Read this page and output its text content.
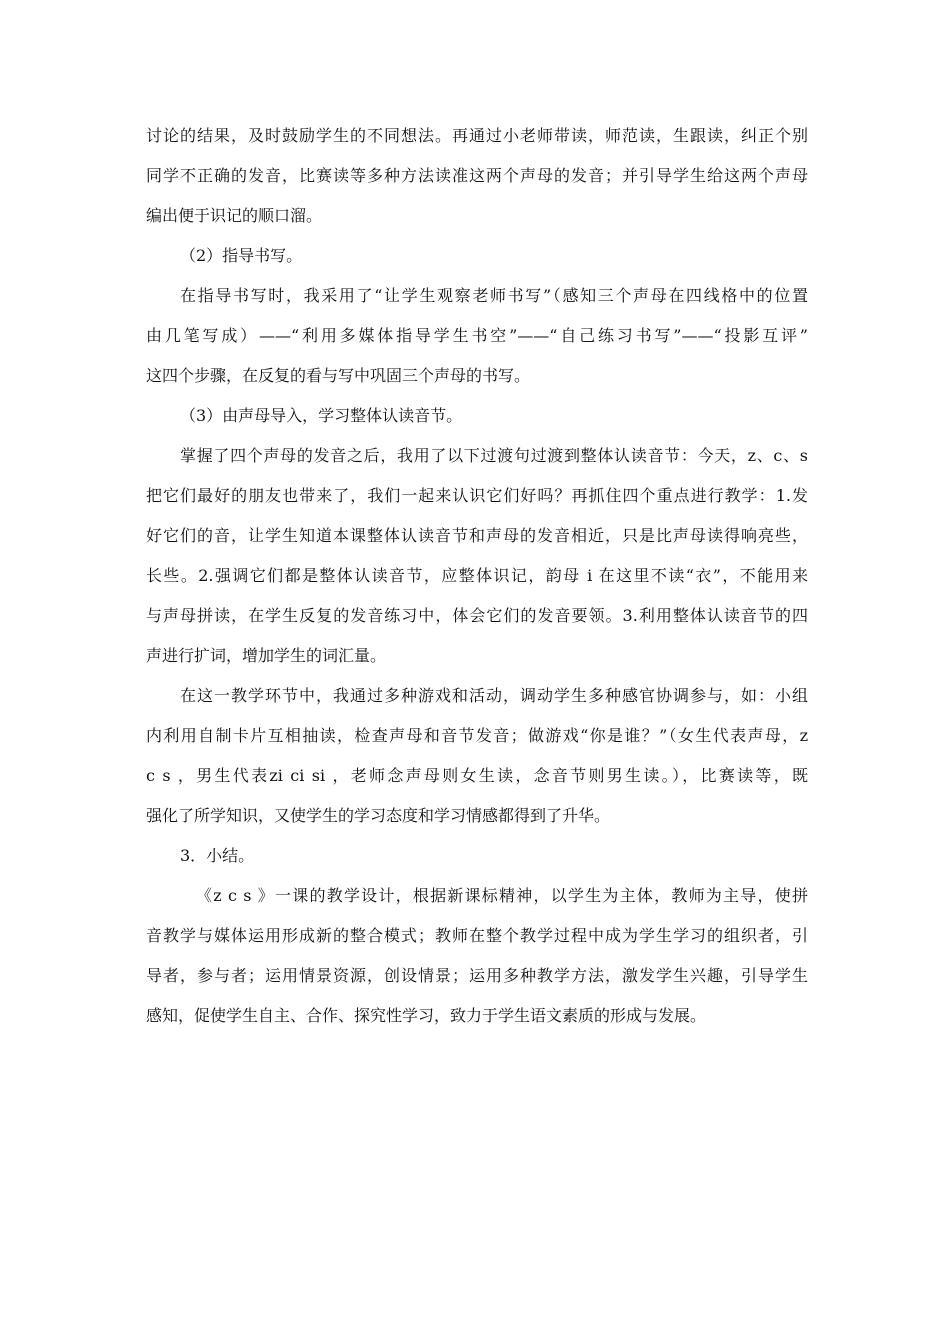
讨论的结果，及时鼓励学生的不同想法。再通过小老师带读，师范读，生跟读，纠正个别
同学不正确的发音，比赛读等多种方法读准这两个声母的发音；并引导学生给这两个声母
编出便于识记的顺口溜。
（2）指导书写。
在指导书写时，我采用了“让学生观察老师书写”（感知三个声母在四线格中的位置
由几笔写成）——“利用多媒体指导学生书空”——“自己练习书写”——“投影互评”
这四个步骤，在反复的看与写中巩固三个声母的书写。
（3）由声母导入，学习整体认读音节。
掌握了四个声母的发音之后，我用了以下过渡句过渡到整体认读音节：今天，z、c、s
把它们最好的朋友也带来了，我们一起来认识它们好吗？再抓住四个重点进行教学：1.发
好它们的音，让学生知道本课整体认读音节和声母的发音相近，只是比声母读得响亮些，
长些。2.强调它们都是整体认读音节，应整体识记，韵母 i 在这里不读“衣”，不能用来
与声母拼读，在学生反复的发音练习中，体会它们的发音要领。3.利用整体认读音节的四
声进行扩词，增加学生的词汇量。
在这一教学环节中，我通过多种游戏和活动，调动学生多种感官协调参与，如：小组
内利用自制卡片互相抽读，检查声母和音节发音；做游戏“你是谁？”（女生代表声母，z
c s ，男生代表zi ci si ，老师念声母则女生读，念音节则男生读。），比赛读等，既
强化了所学知识，又使学生的学习态度和学习情感都得到了升华。
3．小结。
《z c s 》一课的教学设计，根据新课标精神，以学生为主体，教师为主导，使拼
音教学与媒体运用形成新的整合模式；教师在整个教学过程中成为学生学习的组织者，引
导者，参与者；运用情景资源，创设情景；运用多种教学方法，激发学生兴趣，引导学生
感知，促使学生自主、合作、探究性学习，致力于学生语文素质的形成与发展。
